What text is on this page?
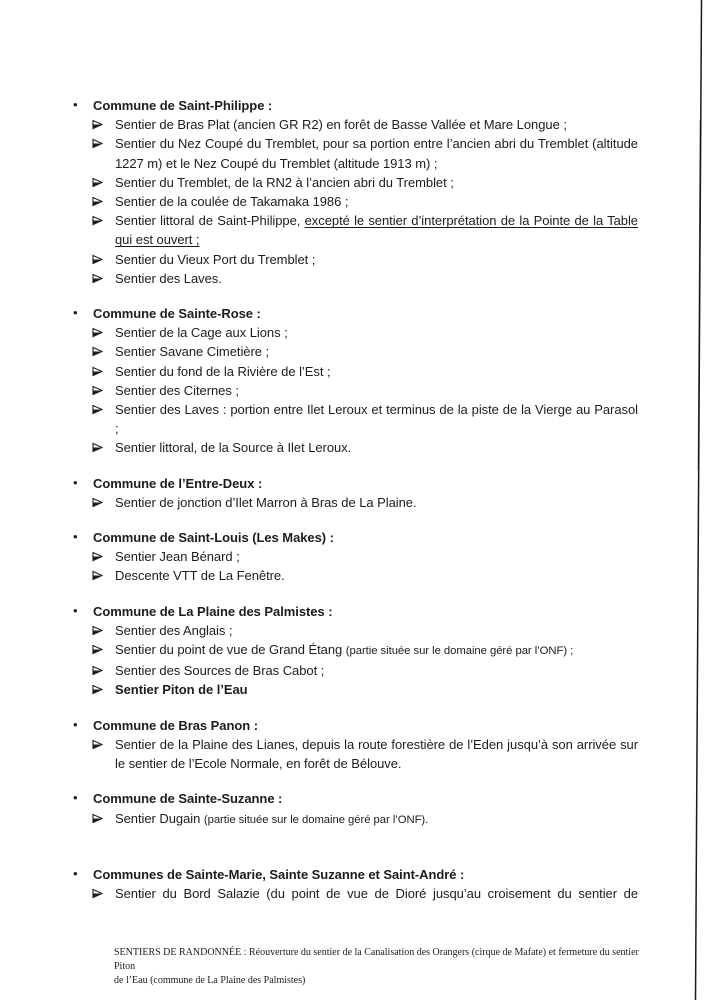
• Commune de Saint-Philippe :
Sentier de Bras Plat (ancien GR R2) en forêt de Basse Vallée et Mare Longue ;
Sentier du Nez Coupé du Tremblet, pour sa portion entre l’ancien abri du Tremblet (altitude 1227 m) et le Nez Coupé du Tremblet (altitude 1913 m) ;
Sentier du Tremblet, de la RN2 à l’ancien abri du Tremblet ;
Sentier de la coulée de Takamaka 1986 ;
Sentier littoral de Saint-Philippe, excepté le sentier d’interprétation de la Pointe de la Table qui est ouvert ;
Sentier du Vieux Port du Tremblet ;
Sentier des Laves.
• Commune de Sainte-Rose :
Sentier de la Cage aux Lions ;
Sentier Savane Cimetière ;
Sentier du fond de la Rivière de l’Est ;
Sentier des Citernes ;
Sentier des Laves : portion entre Ilet Leroux et terminus de la piste de la Vierge au Parasol ;
Sentier littoral, de la Source à Ilet Leroux.
• Commune de l’Entre-Deux :
Sentier de jonction d’Ilet Marron à Bras de La Plaine.
• Commune de Saint-Louis (Les Makes) :
Sentier Jean Bénard ;
Descente VTT de La Fenêtre.
• Commune de La Plaine des Palmistes :
Sentier des Anglais ;
Sentier du point de vue de Grand Étang (partie située sur le domaine géré par l’ONF) ;
Sentier des Sources de Bras Cabot ;
Sentier Piton de l’Eau
• Commune de Bras Panon :
Sentier de la Plaine des Lianes, depuis la route forestière de l’Eden jusqu’à son arrivée sur le sentier de l’Ecole Normale, en forêt de Bélouve.
• Commune de Sainte-Suzanne :
Sentier Dugain (partie située sur le domaine géré par l’ONF).
• Communes de Sainte-Marie, Sainte Suzanne et Saint-André :
Sentier du Bord Salazie (du point de vue de Dioré jusqu’au croisement du sentier de
SENTIERS DE RANDONNÉE : Réouverture du sentier de la Canalisation des Orangers (cirque de Mafate) et fermeture du sentier Piton
de l’Eau (commune de La Plaine des Palmistes)
